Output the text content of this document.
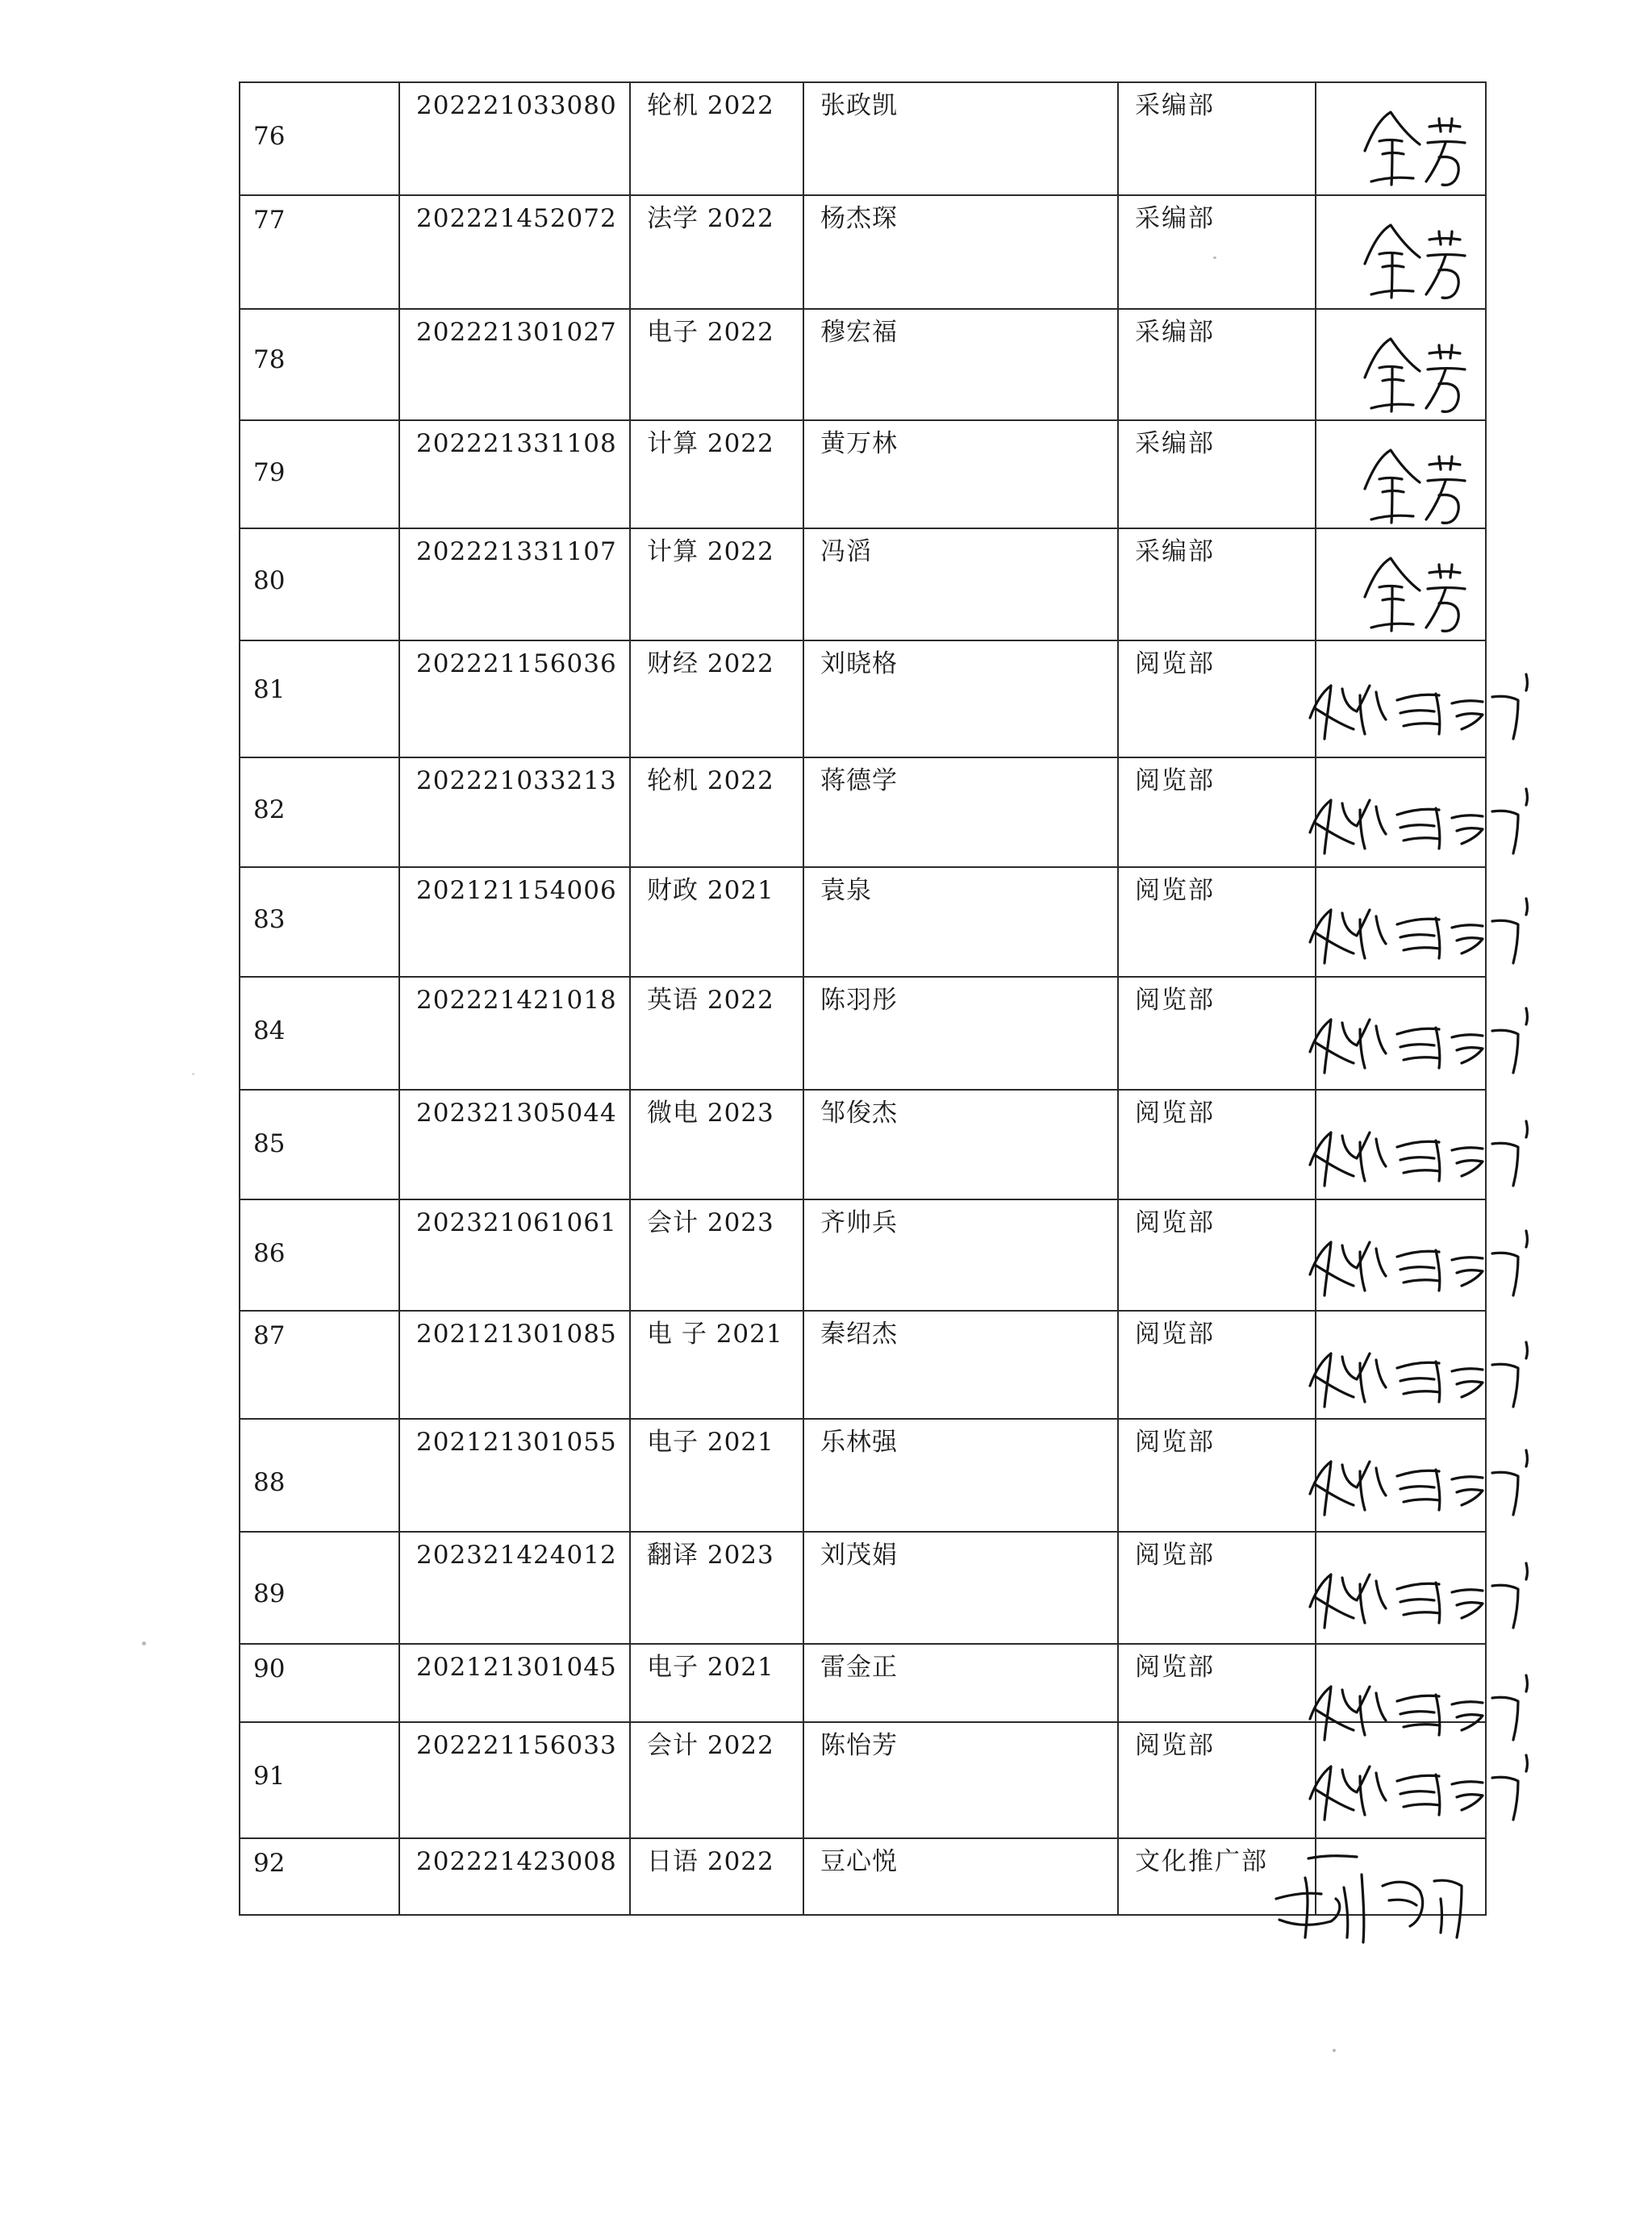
76	202221033080	轮机 2022	张政凯	采编部

77	202221452072	法学 2022	杨杰琛	采编部

78	202221301027	电子 2022	穆宏福	采编部

79	202221331108	计算 2022	黄万林	采编部

80	202221331107	计算 2022	冯滔	采编部

81	202221156036	财经 2022	刘晓格	阅览部

82	202221033213	轮机 2022	蒋德学	阅览部

83	202121154006	财政 2021	袁泉	阅览部

84	202221421018	英语 2022	陈羽彤	阅览部

85	202321305044	微电 2023	邹俊杰	阅览部

86	202321061061	会计 2023	齐帅兵	阅览部

87	202121301085	电 子 2021	秦绍杰	阅览部

88	202121301055	电子 2021	乐林强	阅览部

89	202321424012	翻译 2023	刘茂娟	阅览部

90	202121301045	电子 2021	雷金正	阅览部

91	202221156033	会计 2022	陈怡芳	阅览部

92	202221423008	日语 2022	豆心悦	文化推广部
